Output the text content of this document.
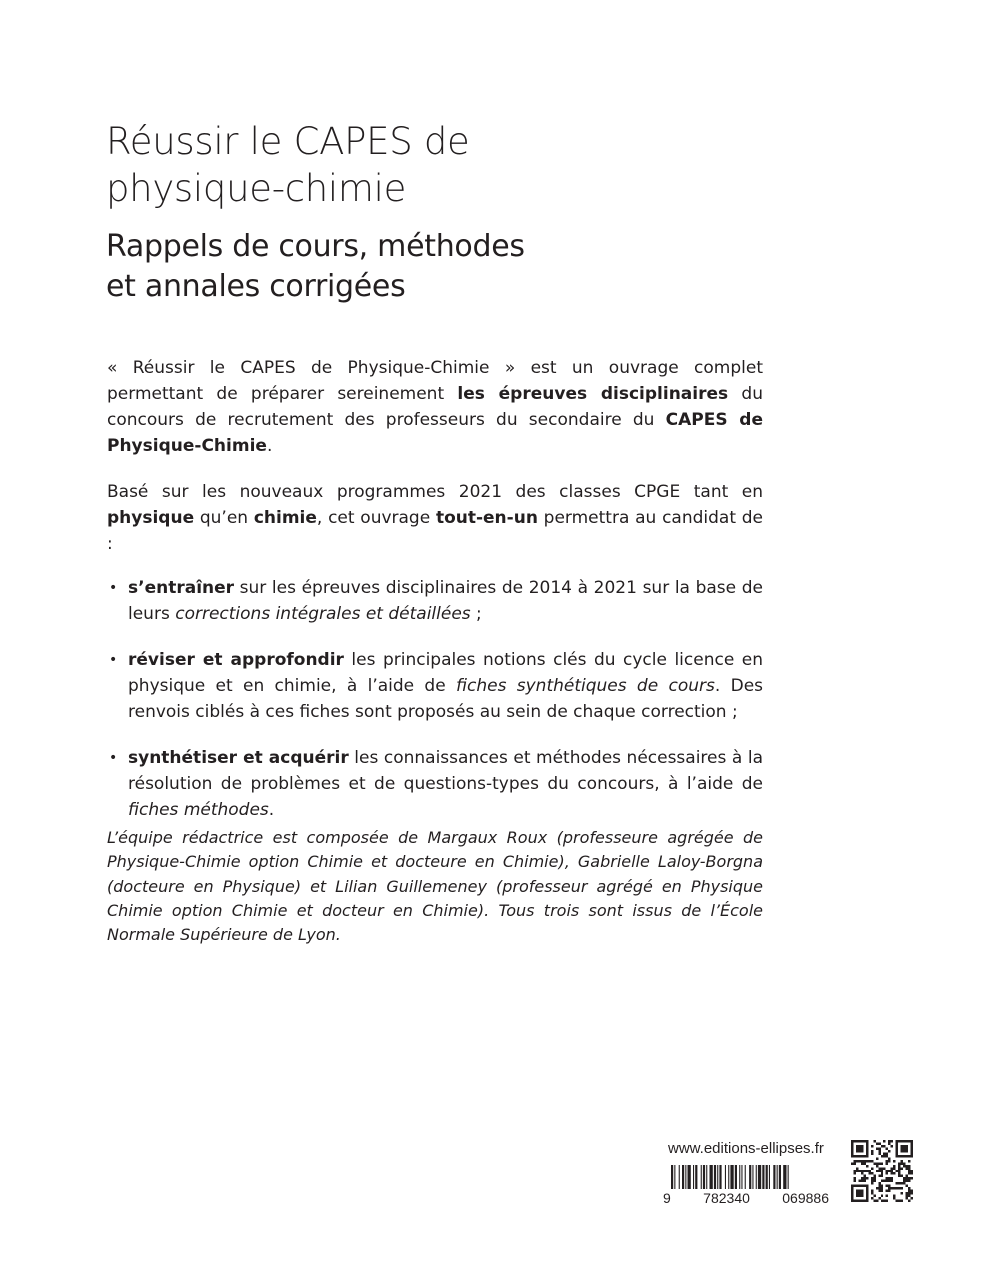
Réussir le CAPES de
physique-chimie
Rappels de cours, méthodes
et annales corrigées

« Réussir le CAPES de Physique-Chimie » est un ouvrage complet permettant de préparer sereinement les épreuves disciplinaires du concours de recrutement des professeurs du secondaire du CAPES de Physique-Chimie.

Basé sur les nouveaux programmes 2021 des classes CPGE tant en physique qu’en chimie, cet ouvrage tout-en-un permettra au candidat de :

• s’entraîner sur les épreuves disciplinaires de 2014 à 2021 sur la base de leurs corrections intégrales et détaillées ;
• réviser et approfondir les principales notions clés du cycle licence en physique et en chimie, à l’aide de fiches synthétiques de cours. Des renvois ciblés à ces fiches sont proposés au sein de chaque correction ;
• synthétiser et acquérir les connaissances et méthodes nécessaires à la résolution de problèmes et de questions-types du concours, à l’aide de fiches méthodes.

L’équipe rédactrice est composée de Margaux Roux (professeure agrégée de Physique-Chimie option Chimie et docteure en Chimie), Gabrielle Laloy-Borgna (docteure en Physique) et Lilian Guillemeney (professeur agrégé en Physique Chimie option Chimie et docteur en Chimie). Tous trois sont issus de l’École Normale Supérieure de Lyon.

www.editions-ellipses.fr
9 782340 069886
